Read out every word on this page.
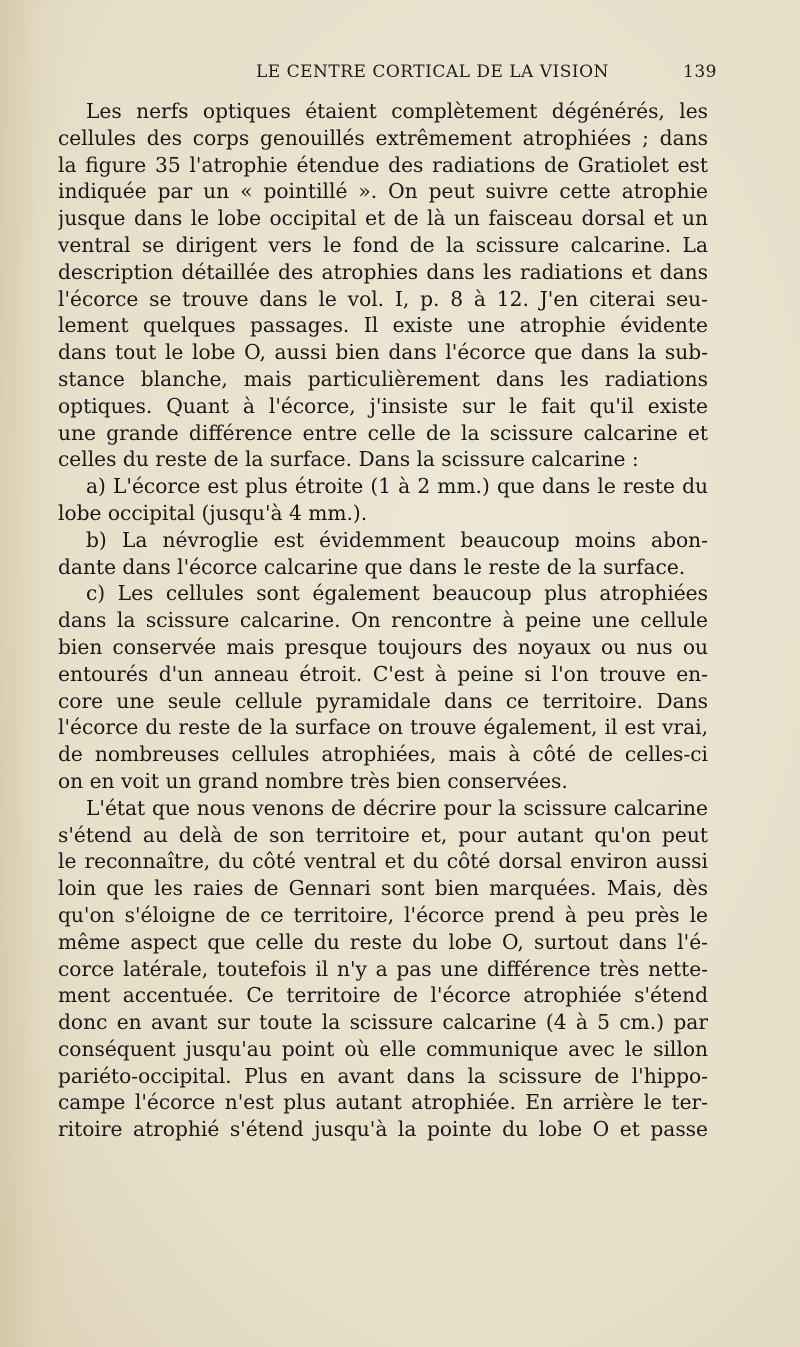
LE CENTRE CORTICAL DE LA VISION	139
Les nerfs optiques étaient complètement dégénérés, les
cellules des corps genouillés extrêmement atrophiées ; dans
la figure 35 l'atrophie étendue des radiations de Gratiolet est
indiquée par un « pointillé ». On peut suivre cette atrophie
jusque dans le lobe occipital et de là un faisceau dorsal et un
ventral se dirigent vers le fond de la scissure calcarine. La
description détaillée des atrophies dans les radiations et dans
l'écorce se trouve dans le vol. I, p. 8 à 12. J'en citerai seu-
lement quelques passages. Il existe une atrophie évidente
dans tout le lobe O, aussi bien dans l'écorce que dans la sub-
stance blanche, mais particulièrement dans les radiations
optiques. Quant à l'écorce, j'insiste sur le fait qu'il existe
une grande différence entre celle de la scissure calcarine et
celles du reste de la surface. Dans la scissure calcarine :
a) L'écorce est plus étroite (1 à 2 mm.) que dans le reste du
lobe occipital (jusqu'à 4 mm.).
b) La névroglie est évidemment beaucoup moins abon-
dante dans l'écorce calcarine que dans le reste de la surface.
c) Les cellules sont également beaucoup plus atrophiées
dans la scissure calcarine. On rencontre à peine une cellule
bien conservée mais presque toujours des noyaux ou nus ou
entourés d'un anneau étroit. C'est à peine si l'on trouve en-
core une seule cellule pyramidale dans ce territoire. Dans
l'écorce du reste de la surface on trouve également, il est vrai,
de nombreuses cellules atrophiées, mais à côté de celles-ci
on en voit un grand nombre très bien conservées.
L'état que nous venons de décrire pour la scissure calcarine
s'étend au delà de son territoire et, pour autant qu'on peut
le reconnaître, du côté ventral et du côté dorsal environ aussi
loin que les raies de Gennari sont bien marquées. Mais, dès
qu'on s'éloigne de ce territoire, l'écorce prend à peu près le
même aspect que celle du reste du lobe O, surtout dans l'é-
corce latérale, toutefois il n'y a pas une différence très nette-
ment accentuée. Ce territoire de l'écorce atrophiée s'étend
donc en avant sur toute la scissure calcarine (4 à 5 cm.) par
conséquent jusqu'au point où elle communique avec le sillon
pariéto-occipital. Plus en avant dans la scissure de l'hippo-
campe l'écorce n'est plus autant atrophiée. En arrière le ter-
ritoire atrophié s'étend jusqu'à la pointe du lobe O et passe
